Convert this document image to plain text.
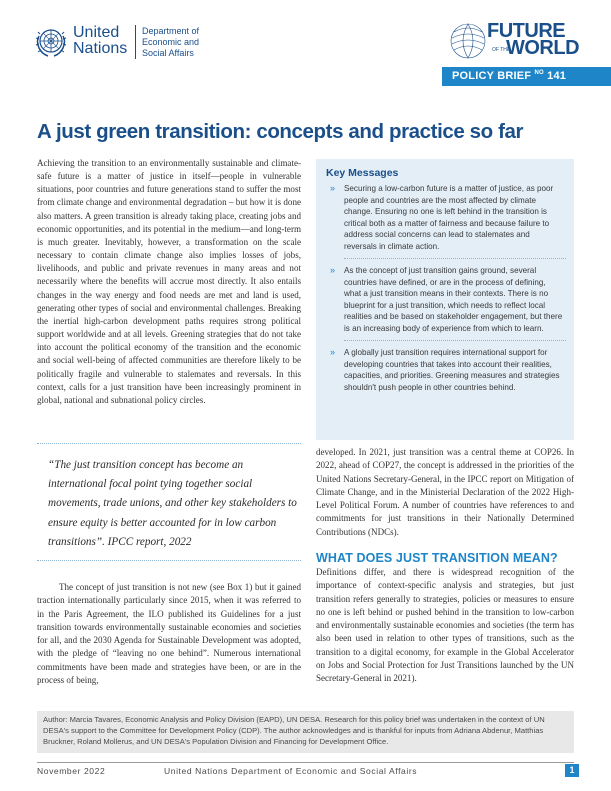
United
Nations
Department of
Economic and
Social Affairs
FUTURE
OF THE
WORLD
POLICY BRIEF $^{NO}$ 141
A just green transition: concepts and practice so far

Achieving the transition to an environmentally sustainable and climate-safe future is a matter of justice in itself—people in vulnerable situations, poor countries and future generations stand to suffer the most from climate change and environmental degradation – but how it is done also matters. A green transition is already taking place, creating jobs and economic opportunities, and its potential in the medium—and long-term is much greater. Inevitably, however, a transformation on the scale necessary to contain climate change also implies losses of jobs, livelihoods, and public and private revenues in many areas and not necessarily where the benefits will accrue most directly. It also entails changes in the way energy and food needs are met and land is used, generating other types of social and environmental challenges. Breaking the inertial high-carbon development paths requires strong political support worldwide and at all levels. Greening strategies that do not take into account the political economy of the transition and the economic and social well-being of affected communities are therefore likely to be politically fragile and vulnerable to stalemates and reversals. In this context, calls for a just transition have been increasingly prominent in global, national and subnational policy circles.

Key Messages
» Securing a low-carbon future is a matter of justice, as poor people and countries are the most affected by climate change. Ensuring no one is left behind in the transition is critical both as a matter of fairness and because failure to address social concerns can lead to stalemates and reversals in climate action.
» As the concept of just transition gains ground, several countries have defined, or are in the process of defining, what a just transition means in their contexts. There is no blueprint for a just transition, which needs to reflect local realities and be based on stakeholder engagement, but there is an increasing body of experience from which to learn.
» A globally just transition requires international support for developing countries that takes into account their realities, capacities, and priorities. Greening measures and strategies shouldn't push people in other countries behind.

“The just transition concept has become an international focal point tying together social movements, trade unions, and other key stakeholders to ensure equity is better accounted for in low carbon transitions”. IPCC report, 2022

The concept of just transition is not new (see Box 1) but it gained traction internationally particularly since 2015, when it was referred to in the Paris Agreement, the ILO published its Guidelines for a just transition towards environmentally sustainable economies and societies for all, and the 2030 Agenda for Sustainable Development was adopted, with the pledge of “leaving no one behind”. Numerous international commitments have been made and strategies have been, or are in the process of being,

developed. In 2021, just transition was a central theme at COP26. In 2022, ahead of COP27, the concept is addressed in the priorities of the United Nations Secretary-General, in the IPCC report on Mitigation of Climate Change, and in the Ministerial Declaration of the 2022 High-Level Political Forum. A number of countries have references to and commitments for just transitions in their Nationally Determined Contributions (NDCs).

WHAT DOES JUST TRANSITION MEAN?

Definitions differ, and there is widespread recognition of the importance of context-specific analysis and strategies, but just transition refers generally to strategies, policies or measures to ensure no one is left behind or pushed behind in the transition to low-carbon and environmentally sustainable economies and societies (the term has also been used in relation to other types of transitions, such as the transition to a digital economy, for example in the Global Accelerator on Jobs and Social Protection for Just Transitions launched by the UN Secretary-General in 2021).

Author: Marcia Tavares, Economic Analysis and Policy Division (EAPD), UN DESA. Research for this policy brief was undertaken in the context of UN DESA's support to the Committee for Development Policy (CDP). The author acknowledges and is thankful for inputs from Adriana Abdenur, Matthias Bruckner, Roland Mollerus, and UN DESA's Population Division and Financing for Development Office.

November 2022	United Nations Department of Economic and Social Affairs	1
